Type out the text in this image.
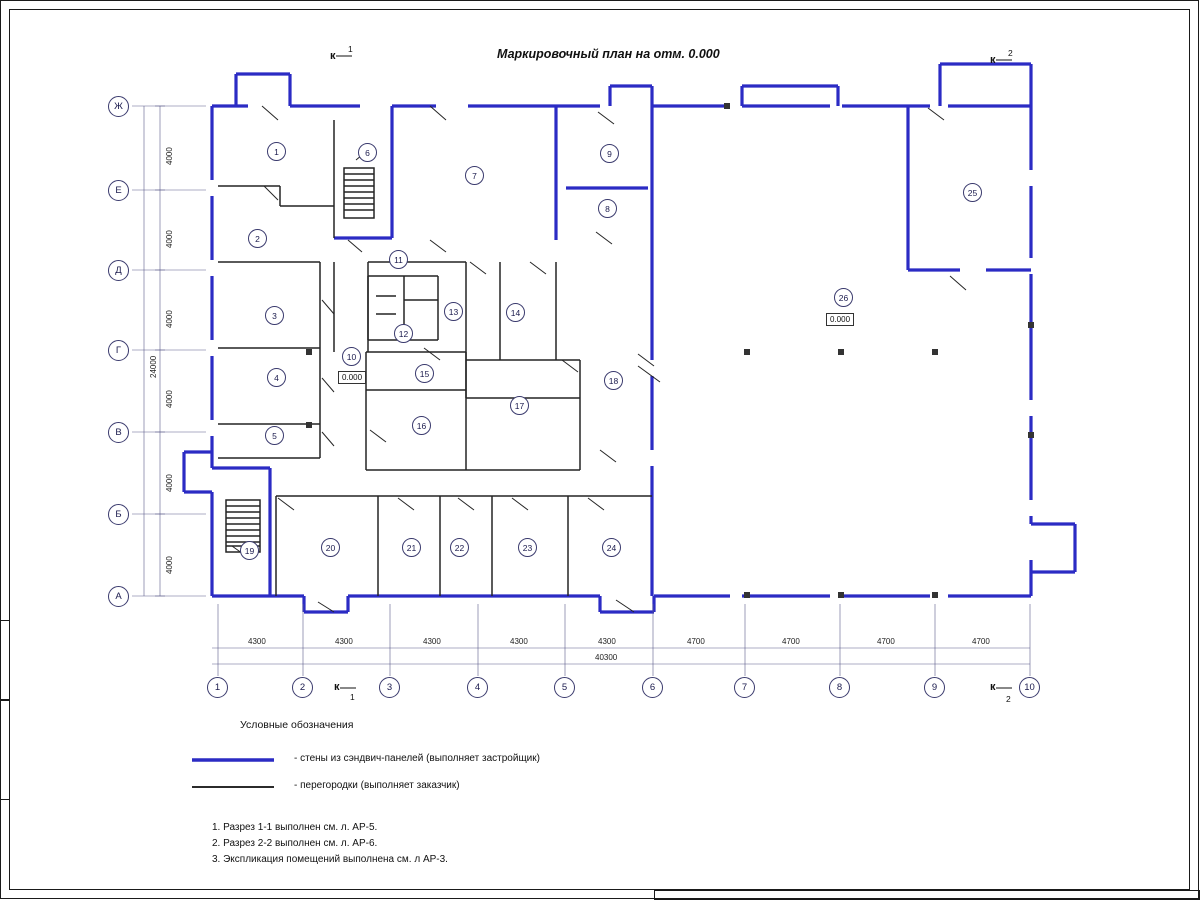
Маркировочный план на отм. 0.000
1
2
3
4
5
6
7
8
9
10
11
12
13	14
15
16
17
18
19	20	21	22	23	24
25
26
0.000
0.000
Ж
Е
Д
Г
В
Б
А
1	2	3	4	5	6	7	8	9	10
4300	4300	4300	4300	4300	4700	4700	4700	4700
40300
4000
4000
4000
4000
4000
4000
24000
к
1
к
2
к
1
к
2
Условные обозначения
- стены из сэндвич-панелей (выполняет застройщик)
- перегородки (выполняет заказчик)
1. Разрез 1-1 выполнен см. л. АР-5.
2. Разрез 2-2 выполнен см. л. АР-6.
3. Экспликация помещений выполнена см. л АР-3.
